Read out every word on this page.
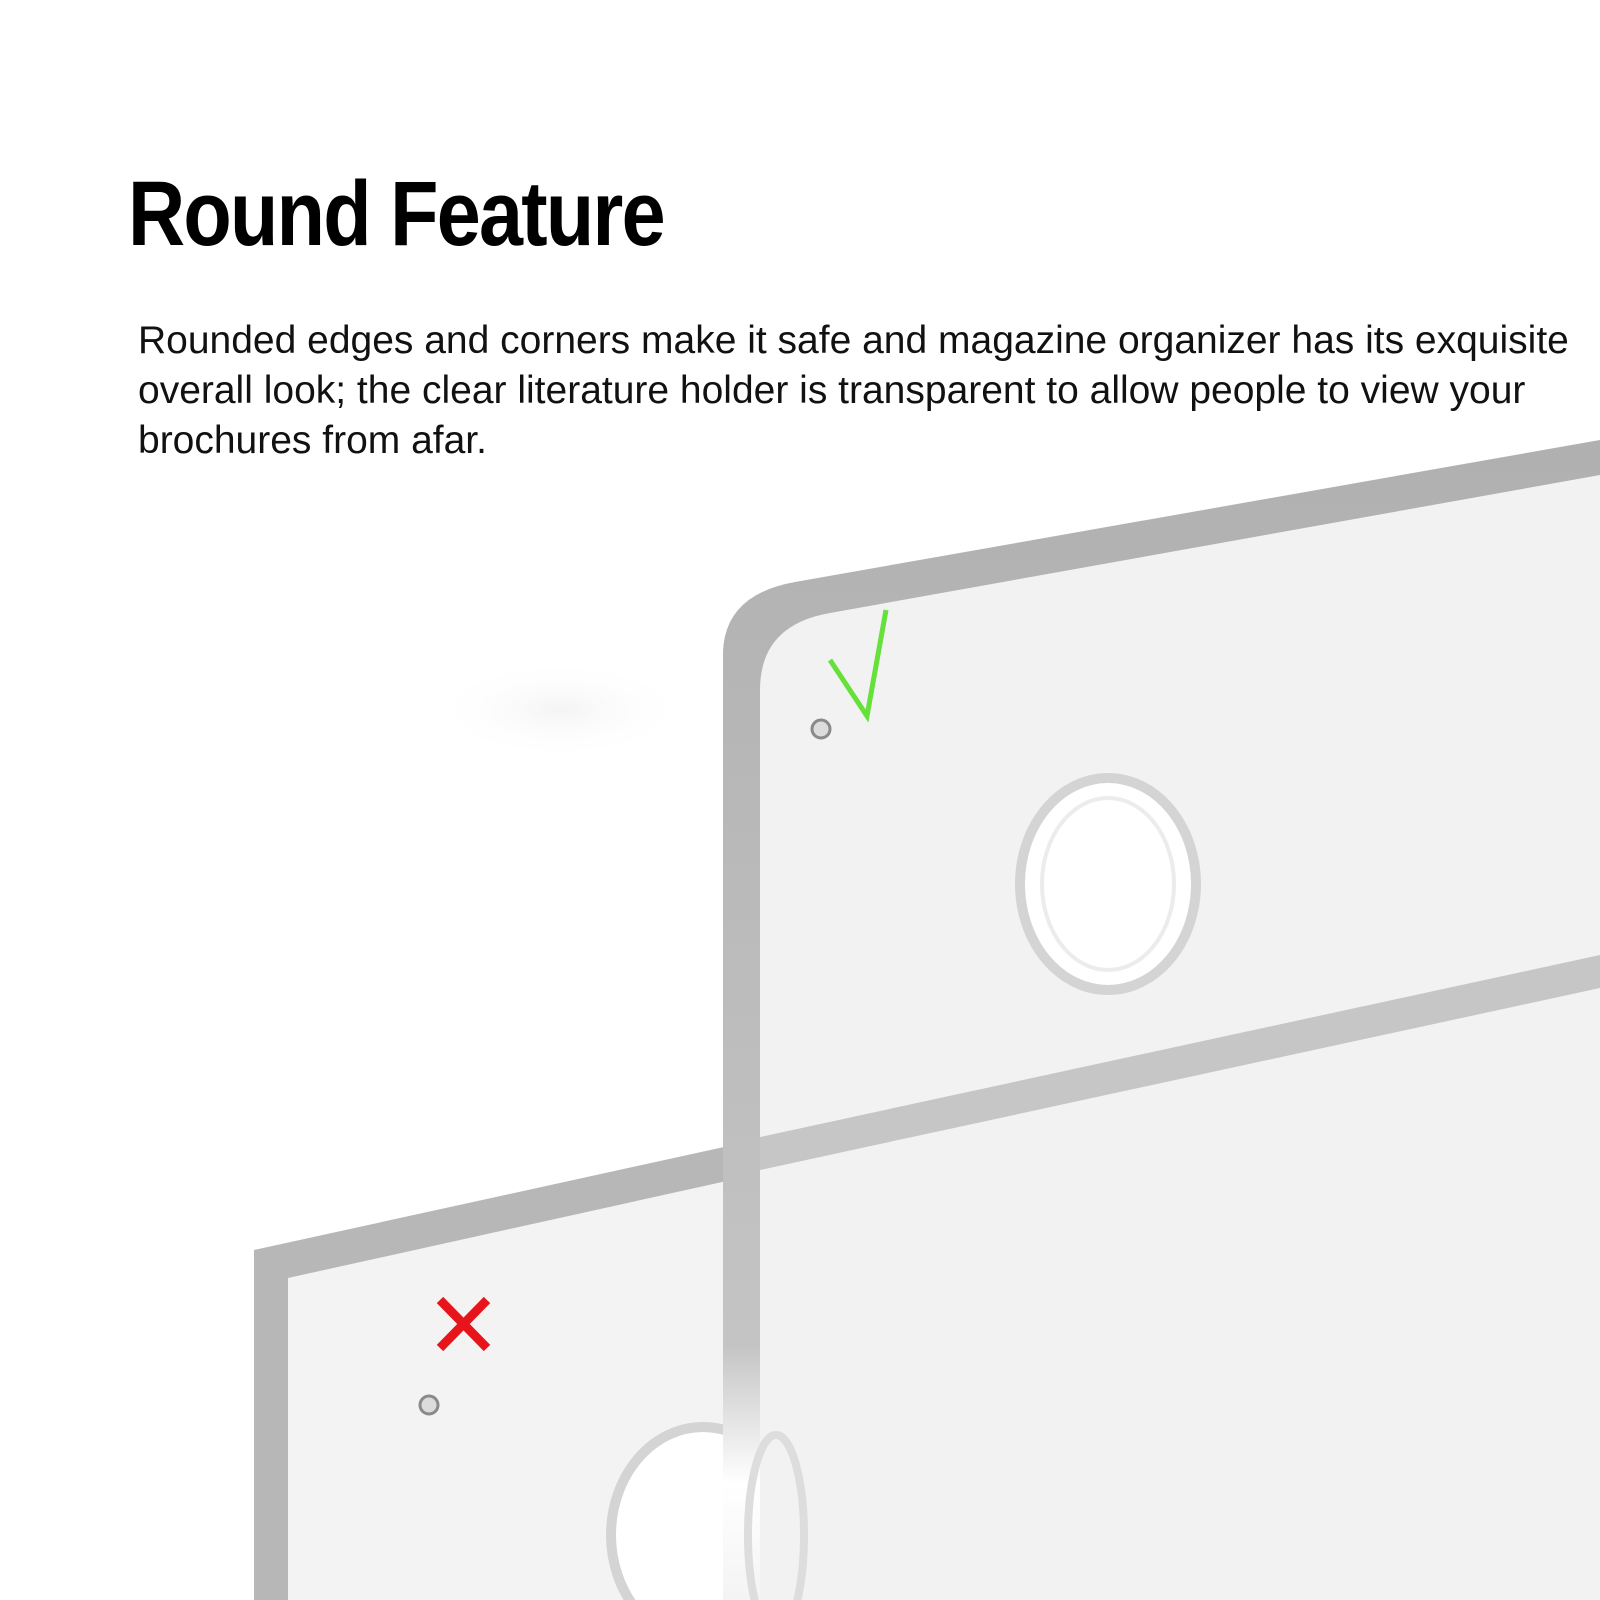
Round Feature

Rounded edges and corners make it safe and magazine organizer has its exquisite overall look; the clear literature holder is transparent to allow people to view your brochures from afar.
